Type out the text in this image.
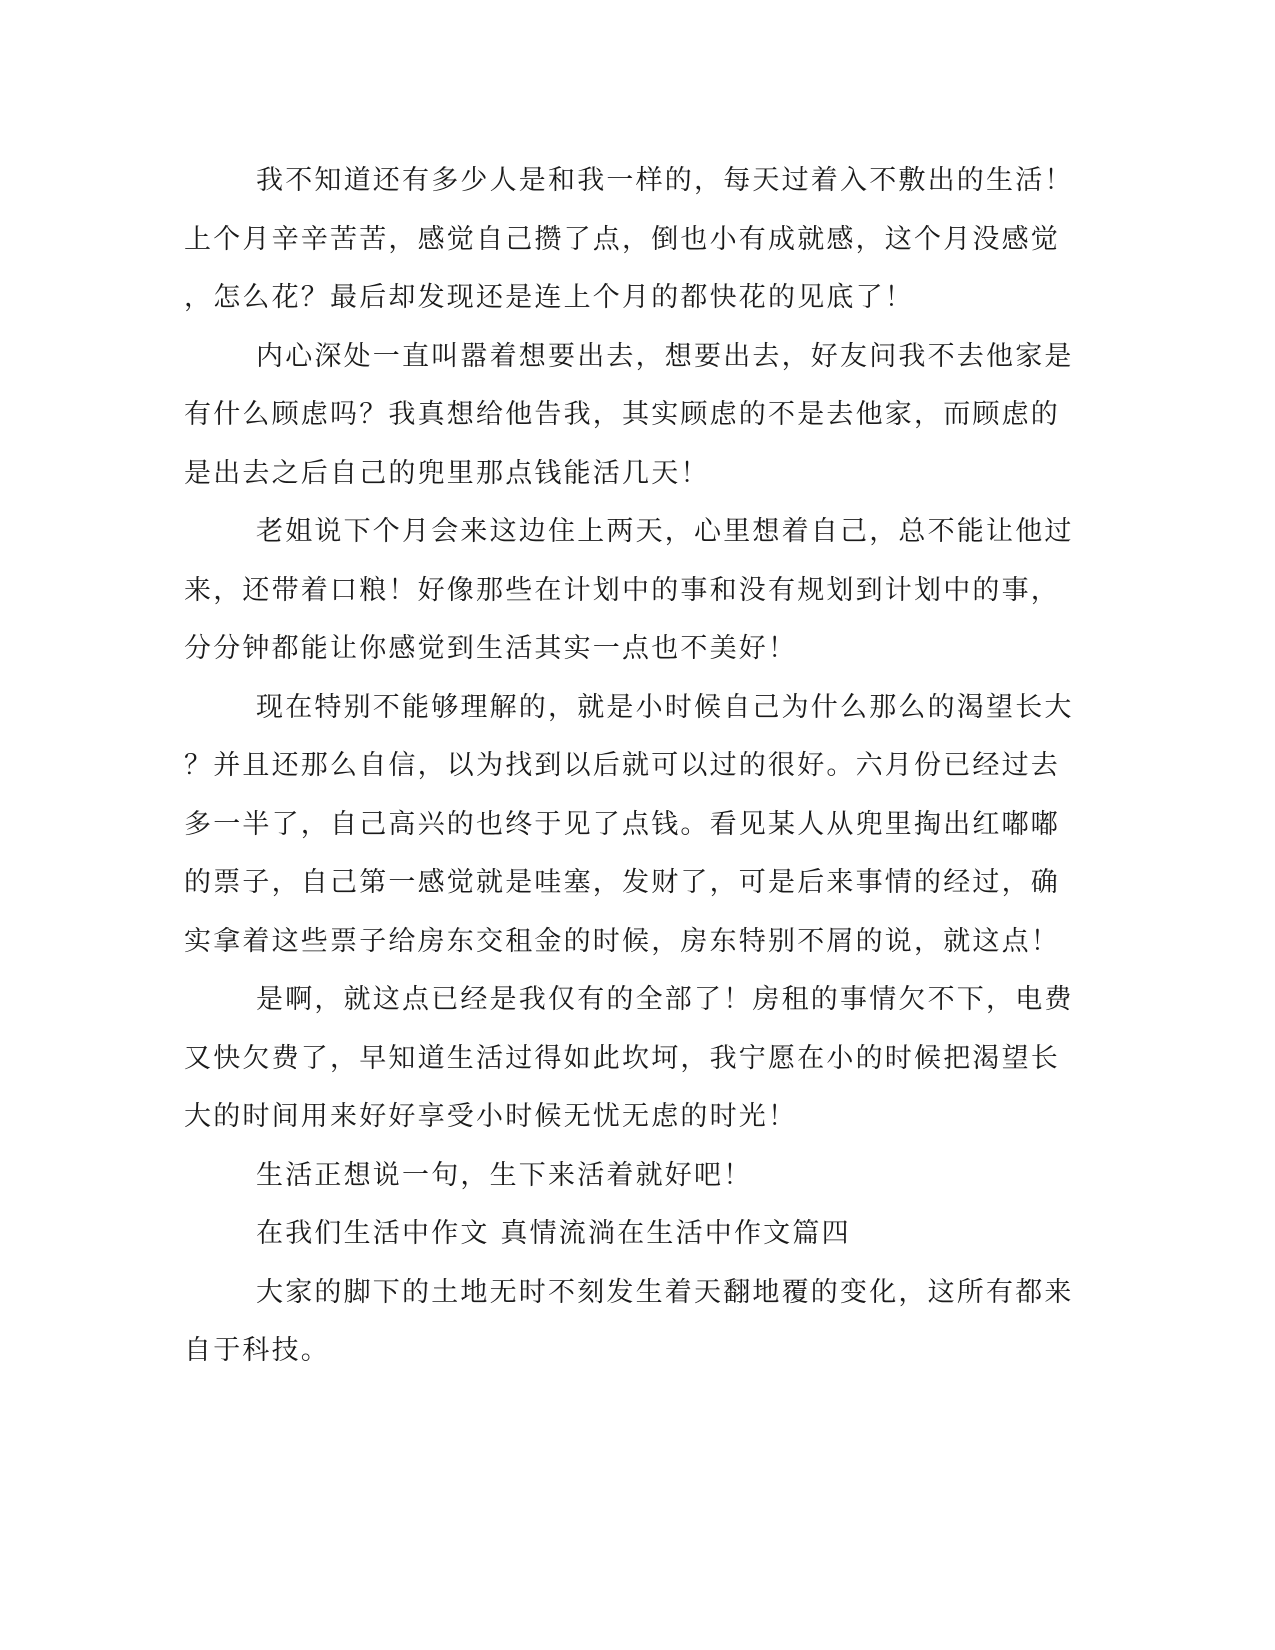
我不知道还有多少人是和我一样的，每天过着入不敷出的生活！
上个月辛辛苦苦，感觉自己攒了点，倒也小有成就感，这个月没感觉
，怎么花？最后却发现还是连上个月的都快花的见底了！
内心深处一直叫嚣着想要出去，想要出去，好友问我不去他家是
有什么顾虑吗？我真想给他告我，其实顾虑的不是去他家，而顾虑的
是出去之后自己的兜里那点钱能活几天！
老姐说下个月会来这边住上两天，心里想着自己，总不能让他过
来，还带着口粮！好像那些在计划中的事和没有规划到计划中的事，
分分钟都能让你感觉到生活其实一点也不美好！
现在特别不能够理解的，就是小时候自己为什么那么的渴望长大
？并且还那么自信，以为找到以后就可以过的很好。六月份已经过去
多一半了，自己高兴的也终于见了点钱。看见某人从兜里掏出红嘟嘟
的票子，自己第一感觉就是哇塞，发财了，可是后来事情的经过，确
实拿着这些票子给房东交租金的时候，房东特别不屑的说，就这点！
是啊，就这点已经是我仅有的全部了！房租的事情欠不下，电费
又快欠费了，早知道生活过得如此坎坷，我宁愿在小的时候把渴望长
大的时间用来好好享受小时候无忧无虑的时光！
生活正想说一句，生下来活着就好吧！
在我们生活中作文 真情流淌在生活中作文篇四
大家的脚下的土地无时不刻发生着天翻地覆的变化，这所有都来
自于科技。
